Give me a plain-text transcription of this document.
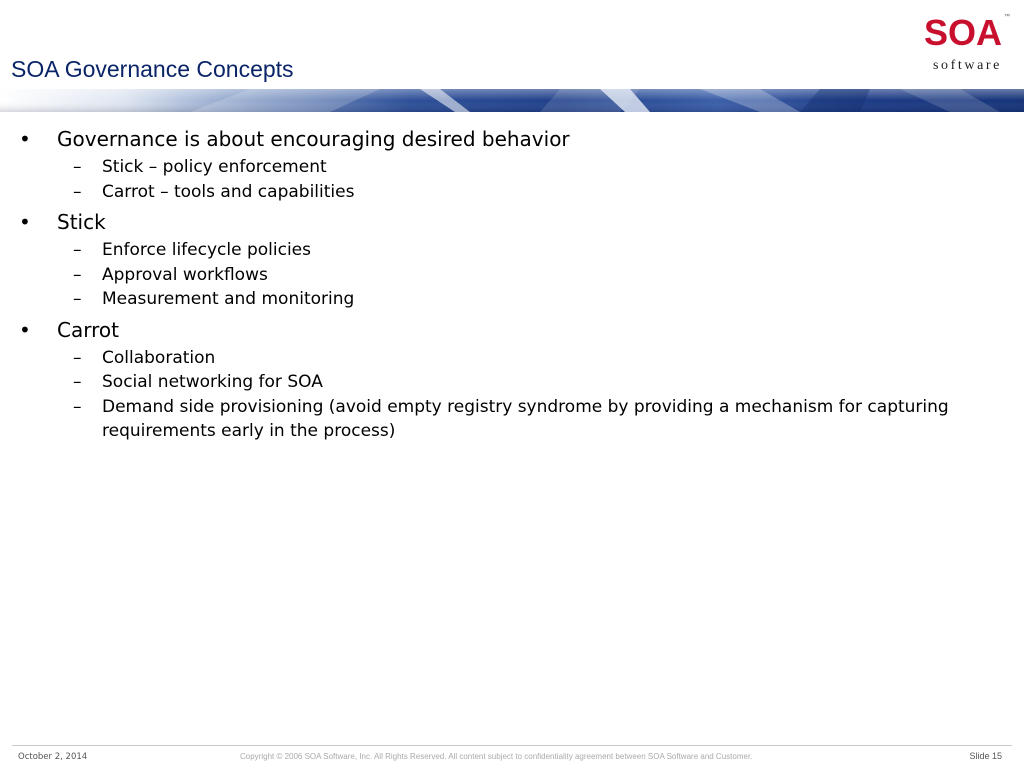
SOA Governance Concepts
SOA ™
software
• Governance is about encouraging desired behavior
– Stick – policy enforcement
– Carrot – tools and capabilities
• Stick
– Enforce lifecycle policies
– Approval workflows
– Measurement and monitoring
• Carrot
– Collaboration
– Social networking for SOA
– Demand side provisioning (avoid empty registry syndrome by providing a mechanism for capturing requirements early in the process)
October 2, 2014	Copyright © 2006 SOA Software, Inc. All Rights Reserved. All content subject to confidentiality agreement between SOA Software and Customer.	Slide 15
